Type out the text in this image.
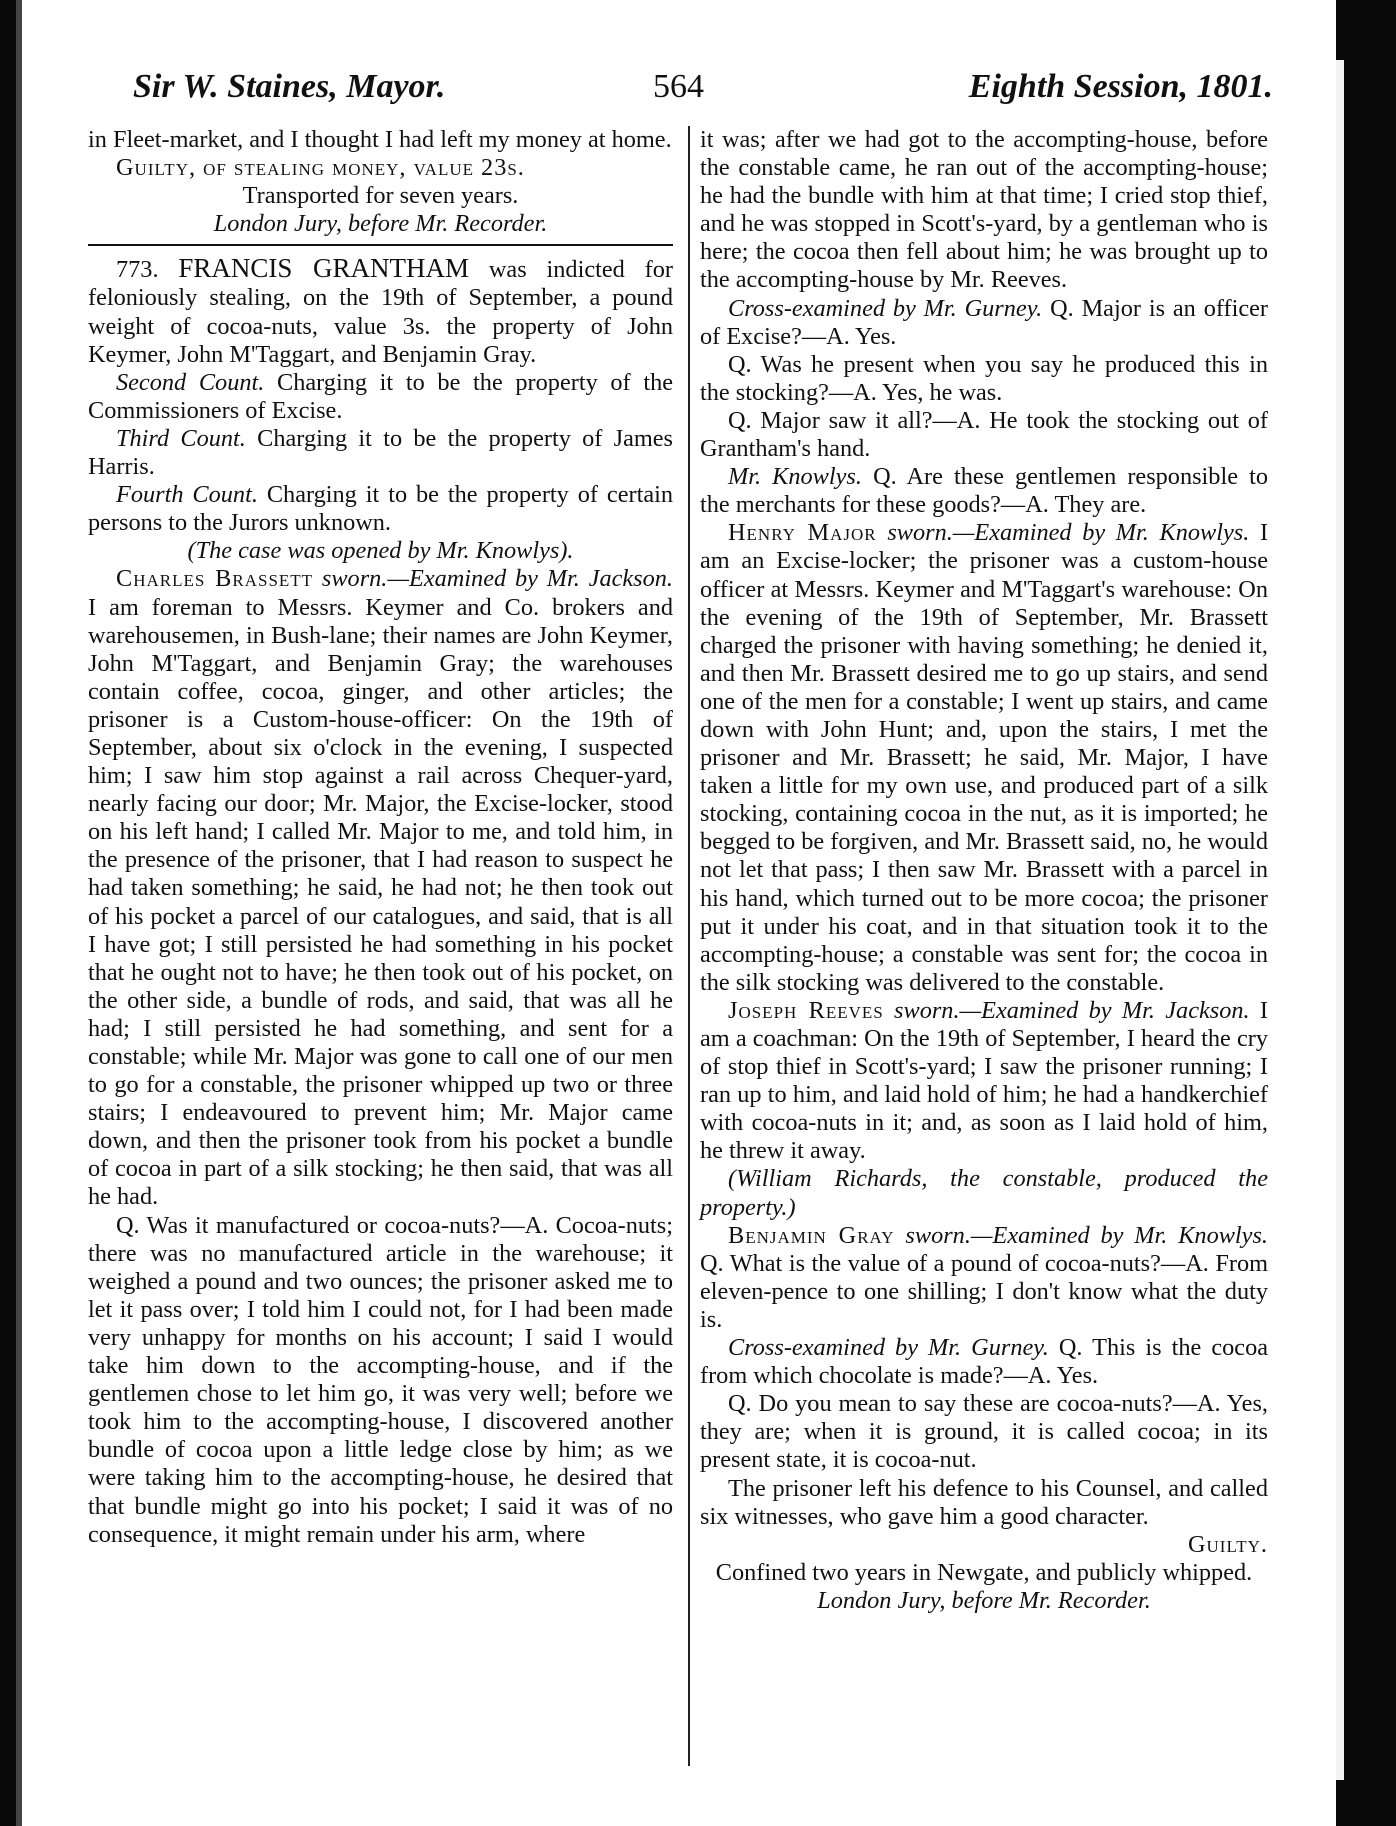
Sir W. Staines, Mayor.	564	Eighth Session, 1801.

in Fleet-market, and I thought I had left my money at home.

Guilty, of stealing money, value 23s.

Transported for seven years.

London Jury, before Mr. Recorder.

773. FRANCIS GRANTHAM was indicted for feloniously stealing, on the 19th of September, a pound weight of cocoa-nuts, value 3s. the property of John Keymer, John M'Taggart, and Benjamin Gray.

Second Count. Charging it to be the property of the Commissioners of Excise.

Third Count. Charging it to be the property of James Harris.

Fourth Count. Charging it to be the property of certain persons to the Jurors unknown.

(The case was opened by Mr. Knowlys).

Charles Brassett sworn.—Examined by Mr. Jackson. I am foreman to Messrs. Keymer and Co. brokers and warehousemen, in Bush-lane; their names are John Keymer, John M'Taggart, and Benjamin Gray; the warehouses contain coffee, cocoa, ginger, and other articles; the prisoner is a Custom-house-officer: On the 19th of September, about six o'clock in the evening, I suspected him; I saw him stop against a rail across Chequer-yard, nearly facing our door; Mr. Major, the Excise-locker, stood on his left hand; I called Mr. Major to me, and told him, in the presence of the prisoner, that I had reason to suspect he had taken something; he said, he had not; he then took out of his pocket a parcel of our catalogues, and said, that is all I have got; I still persisted he had something in his pocket that he ought not to have; he then took out of his pocket, on the other side, a bundle of rods, and said, that was all he had; I still persisted he had something, and sent for a constable; while Mr. Major was gone to call one of our men to go for a constable, the prisoner whipped up two or three stairs; I endeavoured to prevent him; Mr. Major came down, and then the prisoner took from his pocket a bundle of cocoa in part of a silk stocking; he then said, that was all he had.

Q. Was it manufactured or cocoa-nuts?—A. Cocoa-nuts; there was no manufactured article in the warehouse; it weighed a pound and two ounces; the prisoner asked me to let it pass over; I told him I could not, for I had been made very unhappy for months on his account; I said I would take him down to the accompting-house, and if the gentlemen chose to let him go, it was very well; before we took him to the accompting-house, I discovered another bundle of cocoa upon a little ledge close by him; as we were taking him to the accompting-house, he desired that that bundle might go into his pocket; I said it was of no consequence, it might remain under his arm, where

it was; after we had got to the accompting-house, before the constable came, he ran out of the accompting-house; he had the bundle with him at that time; I cried stop thief, and he was stopped in Scott's-yard, by a gentleman who is here; the cocoa then fell about him; he was brought up to the accompting-house by Mr. Reeves.

Cross-examined by Mr. Gurney. Q. Major is an officer of Excise?—A. Yes.

Q. Was he present when you say he produced this in the stocking?—A. Yes, he was.

Q. Major saw it all?—A. He took the stocking out of Grantham's hand.

Mr. Knowlys. Q. Are these gentlemen responsible to the merchants for these goods?—A. They are.

Henry Major sworn.—Examined by Mr. Knowlys. I am an Excise-locker; the prisoner was a custom-house officer at Messrs. Keymer and M'Taggart's warehouse: On the evening of the 19th of September, Mr. Brassett charged the prisoner with having something; he denied it, and then Mr. Brassett desired me to go up stairs, and send one of the men for a constable; I went up stairs, and came down with John Hunt; and, upon the stairs, I met the prisoner and Mr. Brassett; he said, Mr. Major, I have taken a little for my own use, and produced part of a silk stocking, containing cocoa in the nut, as it is imported; he begged to be forgiven, and Mr. Brassett said, no, he would not let that pass; I then saw Mr. Brassett with a parcel in his hand, which turned out to be more cocoa; the prisoner put it under his coat, and in that situation took it to the accompting-house; a constable was sent for; the cocoa in the silk stocking was delivered to the constable.

Joseph Reeves sworn.—Examined by Mr. Jackson. I am a coachman: On the 19th of September, I heard the cry of stop thief in Scott's-yard; I saw the prisoner running; I ran up to him, and laid hold of him; he had a handkerchief with cocoa-nuts in it; and, as soon as I laid hold of him, he threw it away.

(William Richards, the constable, produced the property.)

Benjamin Gray sworn.—Examined by Mr. Knowlys. Q. What is the value of a pound of cocoa-nuts?—A. From eleven-pence to one shilling; I don't know what the duty is.

Cross-examined by Mr. Gurney. Q. This is the cocoa from which chocolate is made?—A. Yes.

Q. Do you mean to say these are cocoa-nuts?—A. Yes, they are; when it is ground, it is called cocoa; in its present state, it is cocoa-nut.

The prisoner left his defence to his Counsel, and called six witnesses, who gave him a good character.

Guilty.

Confined two years in Newgate, and publicly whipped.

London Jury, before Mr. Recorder.
